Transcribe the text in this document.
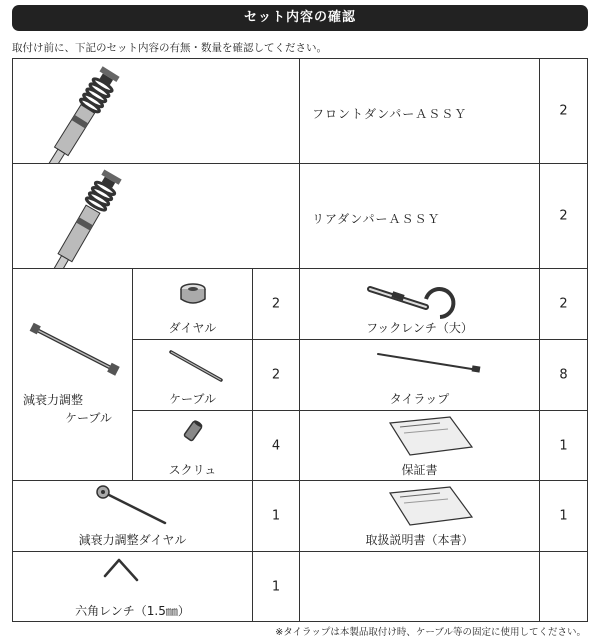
セット内容の確認
取付け前に、下記のセット内容の有無・数量を確認してください。
フロントダンパーＡＳＳＹ	2
リアダンパーＡＳＳＹ	2
減衰力調整
ケーブル
ダイヤル
2
ケーブル
2
スクリュ
4
フックレンチ（大）
2
タイラップ
8
保証書
1
減衰力調整ダイヤル
1
取扱説明書（本書）
1
六角レンチ（1.5㎜）
1
※タイラップは本製品取付け時、ケーブル等の固定に使用してください。
